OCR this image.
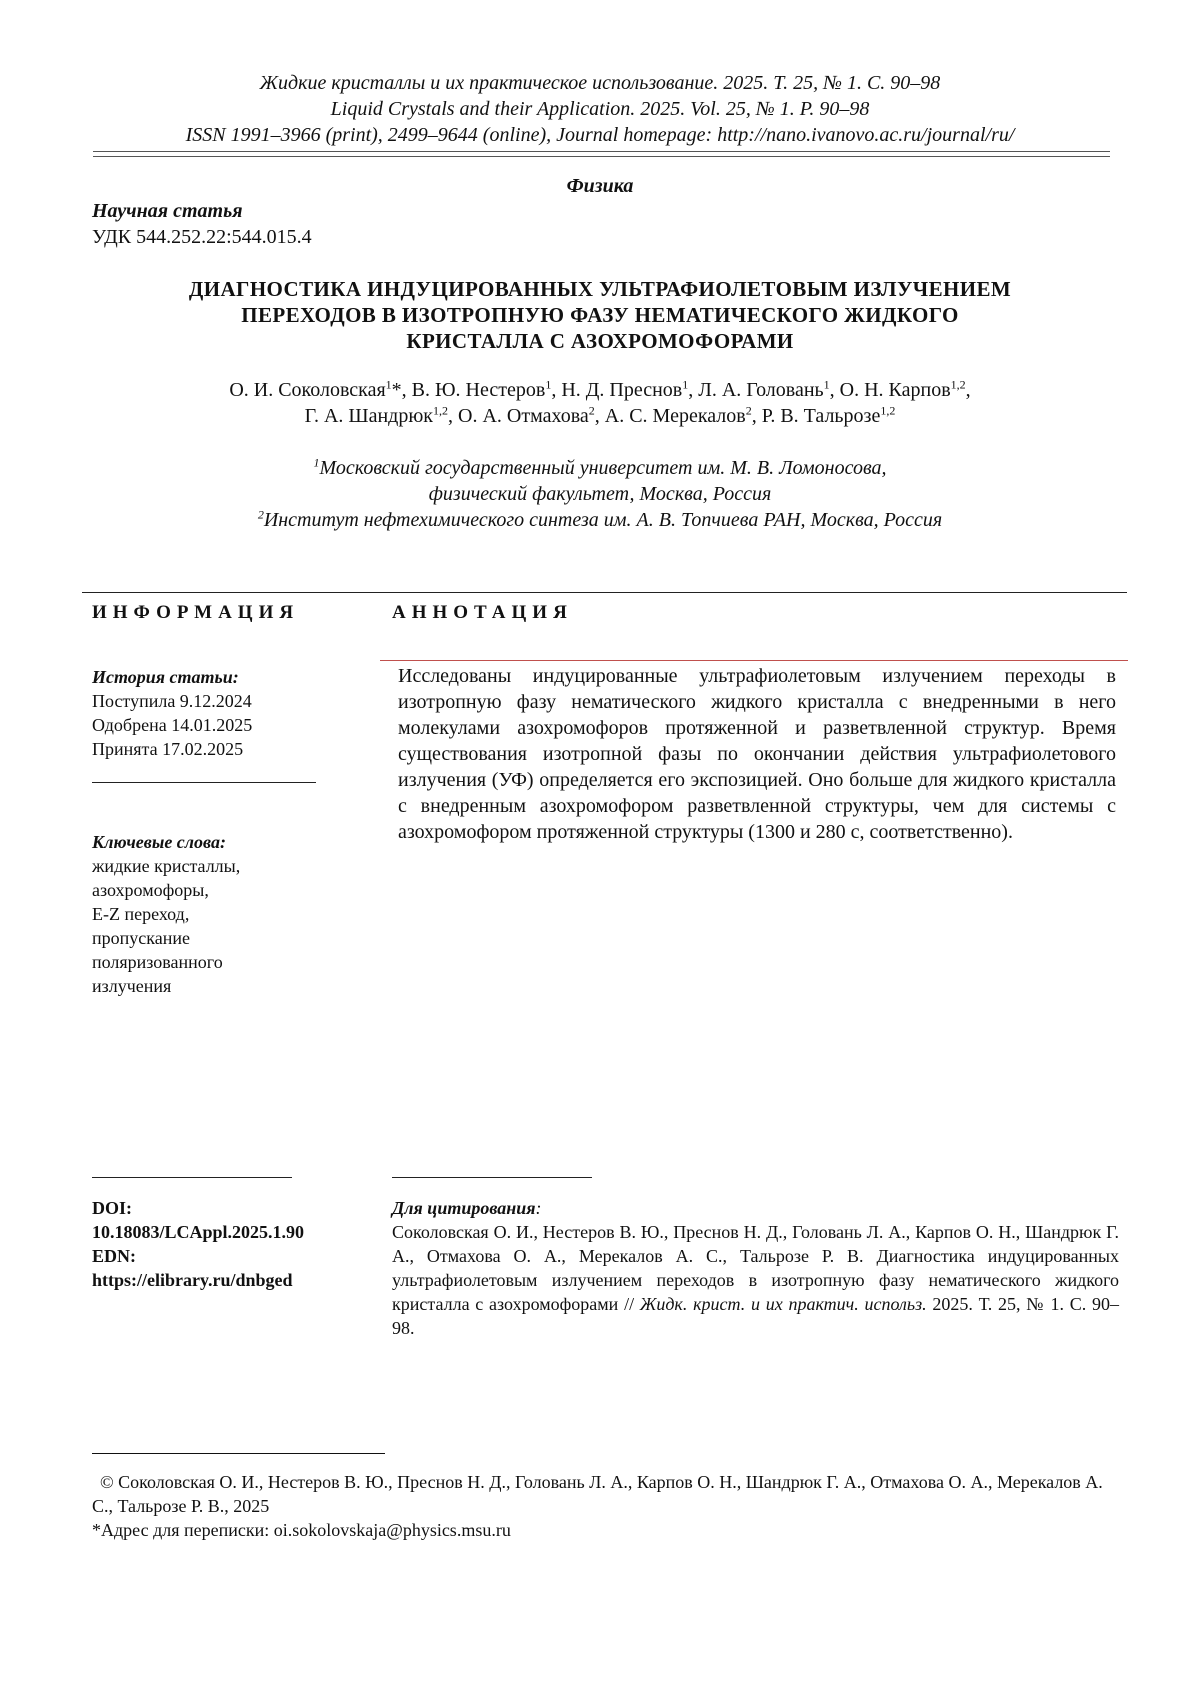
Жидкие кристаллы и их практическое использование. 2025. Т. 25, № 1. С. 90–98
Liquid Crystals and their Application. 2025. Vol. 25, № 1. P. 90–98
ISSN 1991–3966 (print), 2499–9644 (online), Journal homepage: http://nano.ivanovo.ac.ru/journal/ru/
Физика
Научная статья
УДК 544.252.22:544.015.4
ДИАГНОСТИКА ИНДУЦИРОВАННЫХ УЛЬТРАФИОЛЕТОВЫМ ИЗЛУЧЕНИЕМ
ПЕРЕХОДОВ В ИЗОТРОПНУЮ ФАЗУ НЕМАТИЧЕСКОГО ЖИДКОГО
КРИСТАЛЛА С АЗОХРОМОФОРАМИ
О. И. Соколовская$^1$*, В. Ю. Нестеров$^1$, Н. Д. Преснов$^1$, Л. А. Головань$^1$, О. Н. Карпов$^{1,2}$,
Г. А. Шандрюк$^{1,2}$, О. А. Отмахова$^2$, А. С. Мерекалов$^2$, Р. В. Тальрозе$^{1,2}$
$^1$Московский государственный университет им. М. В. Ломоносова,
физический факультет, Москва, Россия
$^2$Институт нефтехимического синтеза им. А. В. Топчиева РАН, Москва, Россия
ИНФОРМАЦИЯ	АННОТАЦИЯ
История статьи:
Поступила 9.12.2024
Одобрена 14.01.2025
Принята 17.02.2025
Ключевые слова:
жидкие кристаллы,
азохромофоры,
E-Z переход,
пропускание
поляризованного
излучения
Исследованы индуцированные ультрафиолетовым излучением переходы в изотропную фазу нематического жидкого кристалла с внедренными в него молекулами азохромофоров протяженной и разветвленной структур. Время существования изотропной фазы по окончании действия ультрафиолетового излучения (УФ) определяется его экспозицией. Оно больше для жидкого кристалла с внедренным азохромофором разветвленной структуры, чем для системы с азохромофором протяженной структуры (1300 и 280 с, соответственно).
DOI:
10.18083/LCAppl.2025.1.90
EDN:
https://elibrary.ru/dnbged
Для цитирования :
Соколовская О. И., Нестеров В. Ю., Преснов Н. Д., Головань Л. А., Карпов О. Н., Шандрюк Г. А., Отмахова О. А., Мерекалов А. С., Тальрозе Р. В. Диагностика индуцированных ультрафиолетовым излучением переходов в изотропную фазу нематического жидкого кристалла с азохромофорами // Жидк. крист. и их практич. использ. 2025. Т. 25, № 1. С. 90–98.
© Соколовская О. И., Нестеров В. Ю., Преснов Н. Д., Головань Л. А., Карпов О. Н., Шандрюк Г. А., Отмахова О. А., Мерекалов А. С., Тальрозе Р. В., 2025
*Адрес для переписки: oi.sokolovskaja@physics.msu.ru
